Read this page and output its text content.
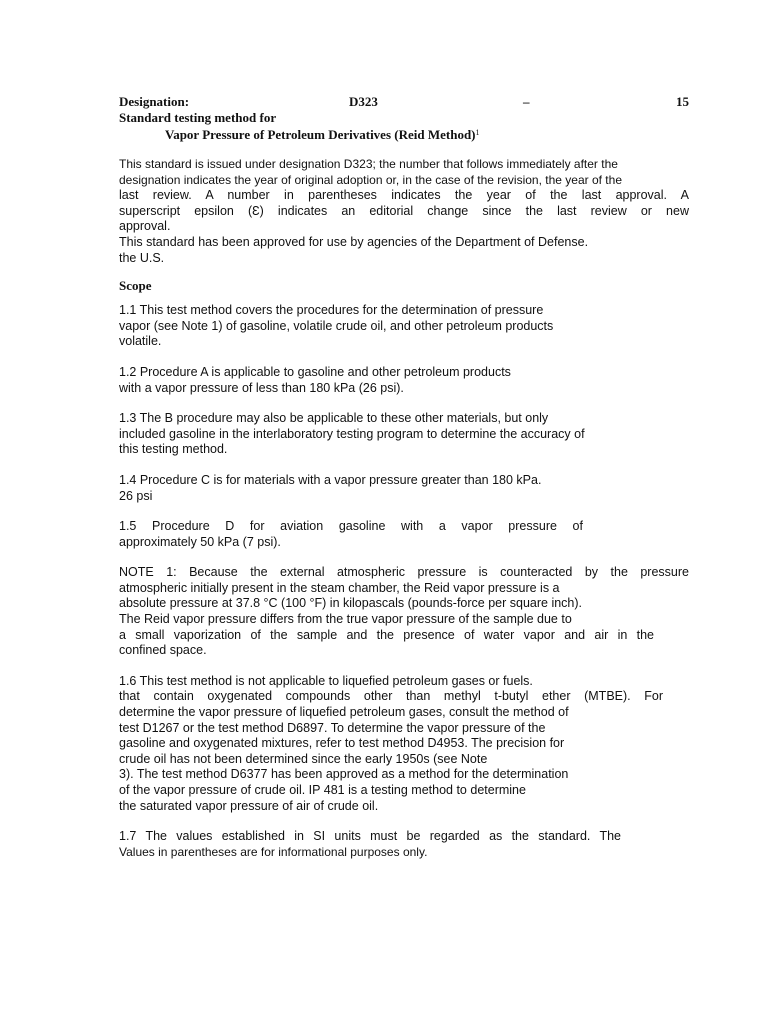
Designation:	D323	–	15
Standard testing method for
Vapor Pressure of Petroleum Derivatives (Reid Method)$^1$
This standard is issued under designation D323; the number that follows immediately after the
designation indicates the year of original adoption or, in the case of the revision, the year of the
last review. A number in parentheses indicates the year of the last approval. A
superscript epsilon (Ɛ) indicates an editorial change since the last review or new
approval.
This standard has been approved for use by agencies of the Department of Defense.
the U.S.
Scope
1.1 This test method covers the procedures for the determination of pressure
vapor (see Note 1) of gasoline, volatile crude oil, and other petroleum products
volatile.
1.2 Procedure A is applicable to gasoline and other petroleum products
with a vapor pressure of less than 180 kPa (26 psi).
1.3 The B procedure may also be applicable to these other materials, but only
included gasoline in the interlaboratory testing program to determine the accuracy of
this testing method.
1.4 Procedure C is for materials with a vapor pressure greater than 180 kPa.
26 psi
1.5 Procedure D for aviation gasoline with a vapor pressure of
approximately 50 kPa (7 psi).
NOTE 1: Because the external atmospheric pressure is counteracted by the pressure
atmospheric initially present in the steam chamber, the Reid vapor pressure is a
absolute pressure at 37.8 °C (100 °F) in kilopascals (pounds-force per square inch).
The Reid vapor pressure differs from the true vapor pressure of the sample due to
a small vaporization of the sample and the presence of water vapor and air in the
confined space.
1.6 This test method is not applicable to liquefied petroleum gases or fuels.
that contain oxygenated compounds other than methyl t-butyl ether (MTBE). For
determine the vapor pressure of liquefied petroleum gases, consult the method of
test D1267 or the test method D6897. To determine the vapor pressure of the
gasoline and oxygenated mixtures, refer to test method D4953. The precision for
crude oil has not been determined since the early 1950s (see Note
3). The test method D6377 has been approved as a method for the determination
of the vapor pressure of crude oil. IP 481 is a testing method to determine
the saturated vapor pressure of air of crude oil.
1.7 The values established in SI units must be regarded as the standard. The
Values in parentheses are for informational purposes only.
